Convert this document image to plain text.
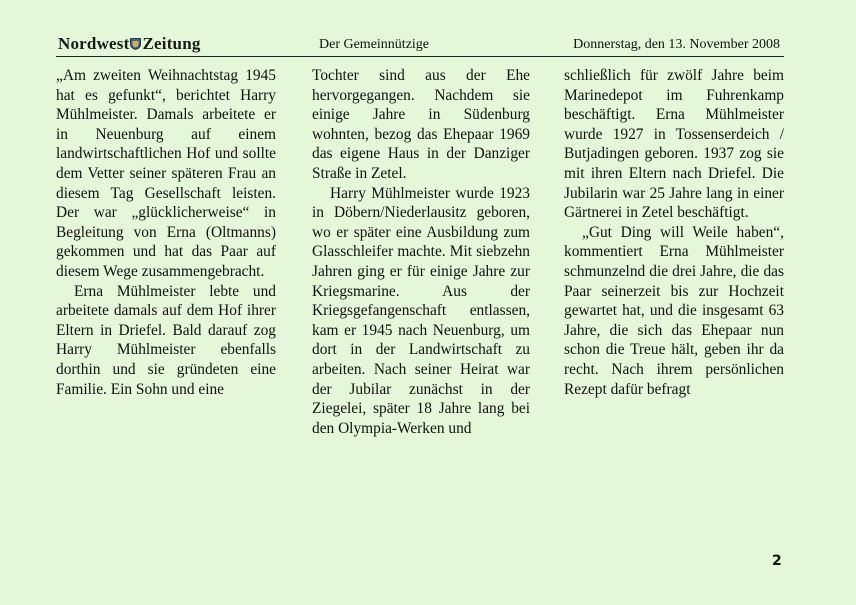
Nordwest Zeitung	Der Gemeinnützige	Donnerstag, den 13. November 2008

„Am zweiten Weihnachtstag 1945 hat es gefunkt“, berichtet Harry Mühlmeister. Damals arbeitete er in Neuenburg auf einem landwirtschaftlichen Hof und sollte dem Vetter seiner späteren Frau an diesem Tag Gesellschaft leisten. Der war „glücklicherweise“ in Begleitung von Erna (Oltmanns) gekommen und hat das Paar auf diesem Wege zusammengebracht.

Erna Mühlmeister lebte und arbeitete damals auf dem Hof ihrer Eltern in Driefel. Bald darauf zog Harry Mühlmeister ebenfalls dorthin und sie gründeten eine Familie. Ein Sohn und eine

Tochter sind aus der Ehe hervorgegangen. Nachdem sie einige Jahre in Südenburg wohnten, bezog das Ehepaar 1969 das eigene Haus in der Danziger Straße in Zetel.

Harry Mühlmeister wurde 1923 in Döbern/Niederlausitz geboren, wo er später eine Ausbildung zum Glasschleifer machte. Mit siebzehn Jahren ging er für einige Jahre zur Kriegsmarine. Aus der Kriegsgefangenschaft entlassen, kam er 1945 nach Neuenburg, um dort in der Landwirtschaft zu arbeiten. Nach seiner Heirat war der Jubilar zunächst in der Ziegelei, später 18 Jahre lang bei den Olympia-Werken und

schließlich für zwölf Jahre beim Marinedepot im Fuhrenkamp beschäftigt. Erna Mühlmeister wurde 1927 in Tossenserdeich / Butjadingen geboren. 1937 zog sie mit ihren Eltern nach Driefel. Die Jubilarin war 25 Jahre lang in einer Gärtnerei in Zetel beschäftigt.

„Gut Ding will Weile haben“, kommentiert Erna Mühlmeister schmunzelnd die drei Jahre, die das Paar seinerzeit bis zur Hochzeit gewartet hat, und die insgesamt 63 Jahre, die sich das Ehepaar nun schon die Treue hält, geben ihr da recht. Nach ihrem persönlichen Rezept dafür befragt

2
